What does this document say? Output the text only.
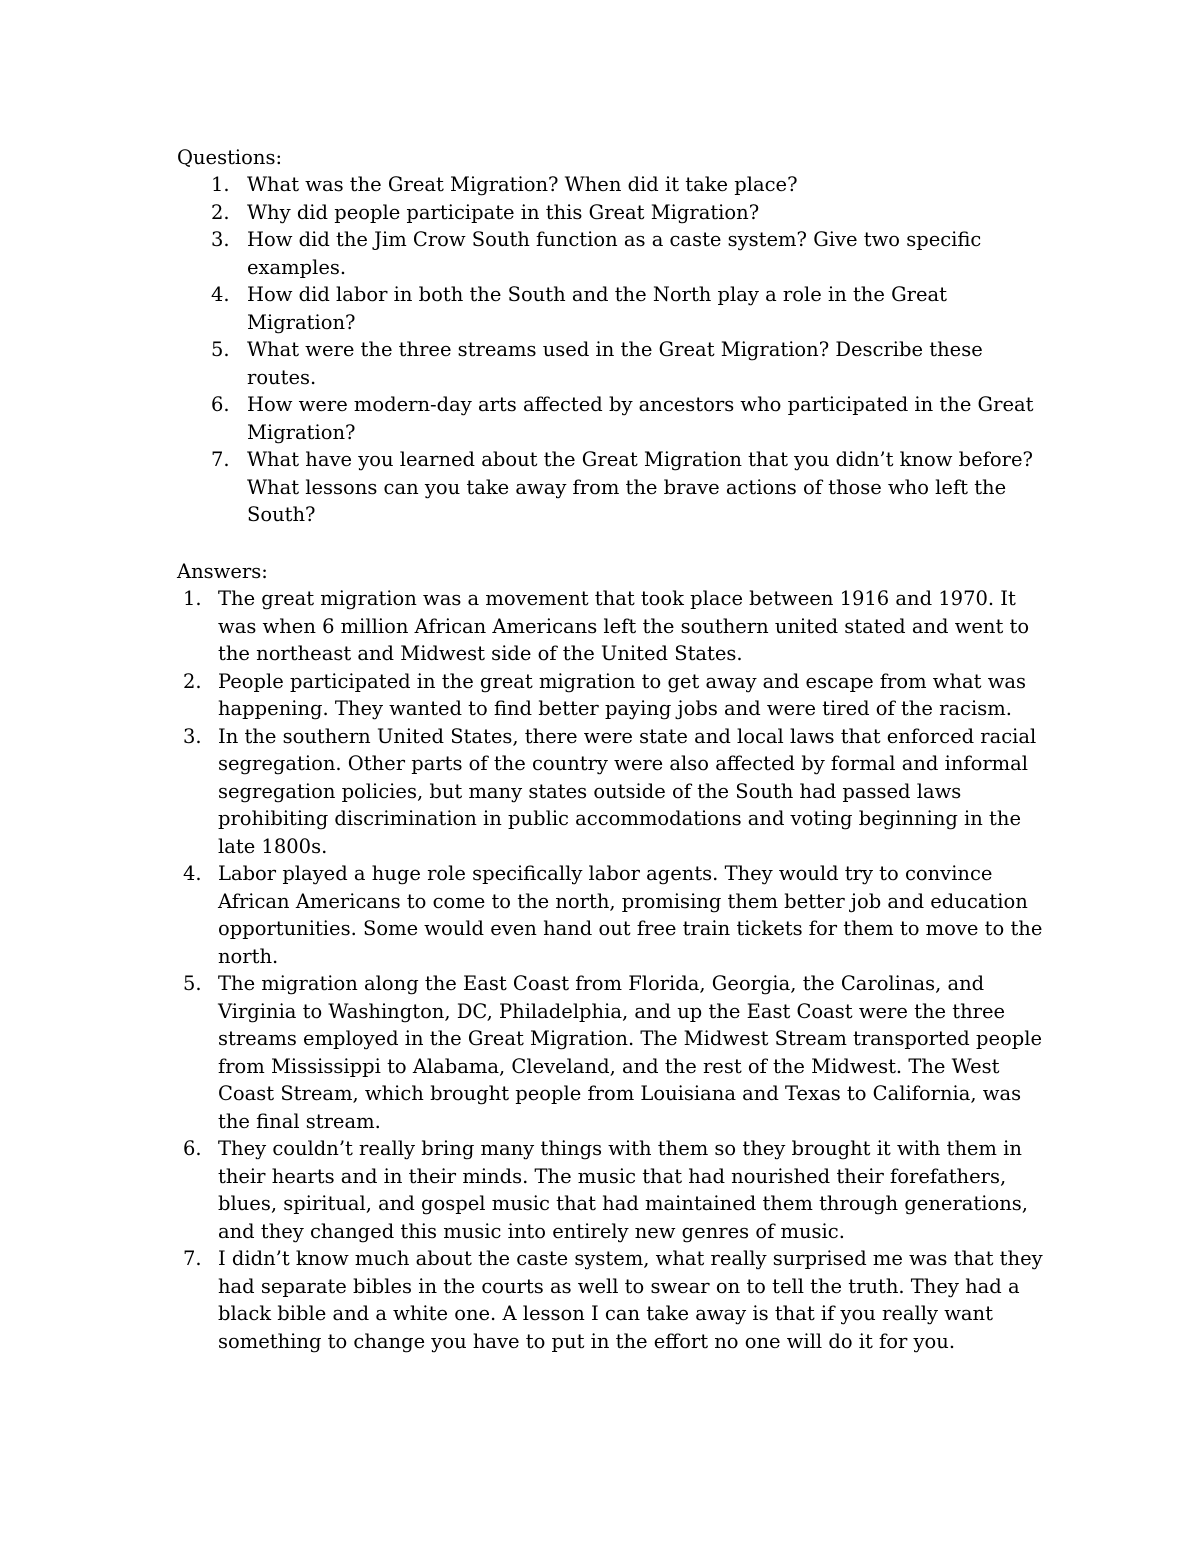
Questions:
1. What was the Great Migration? When did it take place?
2. Why did people participate in this Great Migration?
3. How did the Jim Crow South function as a caste system? Give two specific examples.
4. How did labor in both the South and the North play a role in the Great Migration?
5. What were the three streams used in the Great Migration? Describe these routes.
6. How were modern-day arts affected by ancestors who participated in the Great Migration?
7. What have you learned about the Great Migration that you didn’t know before? What lessons can you take away from the brave actions of those who left the South?
Answers:
1. The great migration was a movement that took place between 1916 and 1970. It was when 6 million African Americans left the southern united stated and went to the northeast and Midwest side of the United States.
2. People participated in the great migration to get away and escape from what was happening. They wanted to find better paying jobs and were tired of the racism.
3. In the southern United States, there were state and local laws that enforced racial segregation. Other parts of the country were also affected by formal and informal segregation policies, but many states outside of the South had passed laws prohibiting discrimination in public accommodations and voting beginning in the late 1800s.
4. Labor played a huge role specifically labor agents. They would try to convince African Americans to come to the north, promising them better job and education opportunities. Some would even hand out free train tickets for them to move to the north.
5. The migration along the East Coast from Florida, Georgia, the Carolinas, and Virginia to Washington, DC, Philadelphia, and up the East Coast were the three streams employed in the Great Migration. The Midwest Stream transported people from Mississippi to Alabama, Cleveland, and the rest of the Midwest. The West Coast Stream, which brought people from Louisiana and Texas to California, was the final stream.
6. They couldn’t really bring many things with them so they brought it with them in their hearts and in their minds. The music that had nourished their forefathers, blues, spiritual, and gospel music that had maintained them through generations, and they changed this music into entirely new genres of music.
7. I didn’t know much about the caste system, what really surprised me was that they had separate bibles in the courts as well to swear on to tell the truth. They had a black bible and a white one. A lesson I can take away is that if you really want something to change you have to put in the effort no one will do it for you.
